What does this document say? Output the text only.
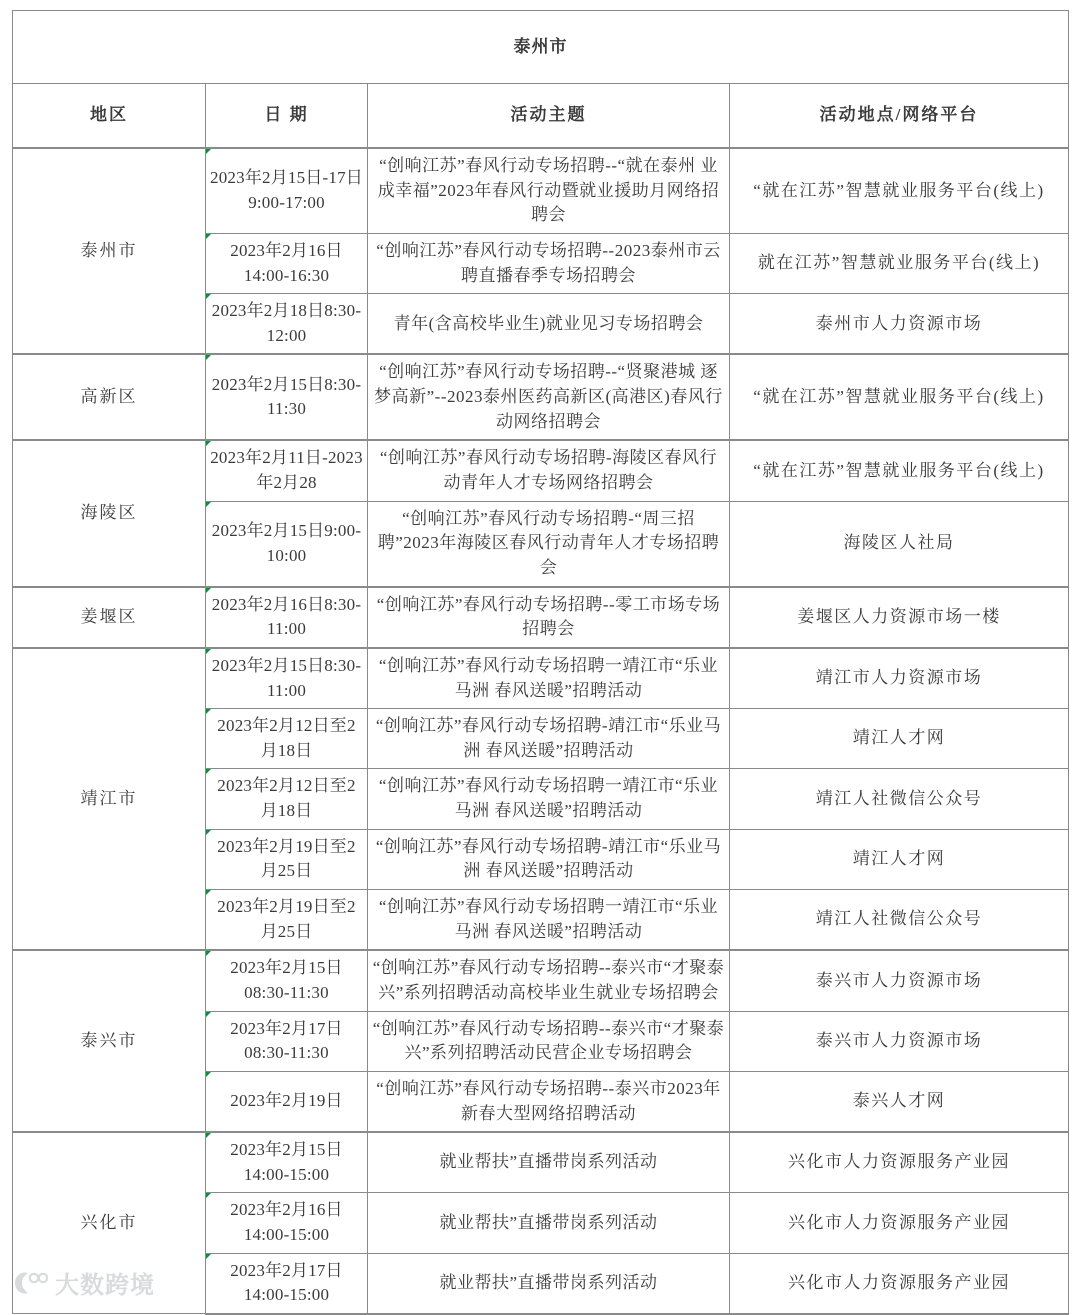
泰州市			
地区	日 期	活动主题	活动地点/网络平台
泰州市	2023年2月15日-17日9:00-17:00	“创响江苏”春风行动专场招聘--“就在泰州 业成幸福”2023年春风行动暨就业援助月网络招聘会	“就在江苏”智慧就业服务平台(线上)
	2023年2月16日14:00-16:30	“创响江苏”春风行动专场招聘--2023泰州市云聘直播春季专场招聘会	就在江苏”智慧就业服务平台(线上)
	2023年2月18日8:30-12:00	青年(含高校毕业生)就业见习专场招聘会	泰州市人力资源市场
高新区	2023年2月15日8:30-11:30	“创响江苏”春风行动专场招聘--“贤聚港城 逐梦高新”--2023泰州医药高新区(高港区)春风行动网络招聘会	“就在江苏”智慧就业服务平台(线上)
海陵区	2023年2月11日-2023年2月28	“创响江苏”春风行动专场招聘-海陵区春风行动青年人才专场网络招聘会	“就在江苏”智慧就业服务平台(线上)
	2023年2月15日9:00-10:00	“创响江苏”春风行动专场招聘-“周三招聘”2023年海陵区春风行动青年人才专场招聘会	海陵区人社局
姜堰区	2023年2月16日8:30-11:00	“创响江苏”春风行动专场招聘--零工市场专场招聘会	姜堰区人力资源市场一楼
靖江市	2023年2月15日8:30-11:00	“创响江苏”春风行动专场招聘一靖江市“乐业马洲 春风送暖”招聘活动	靖江市人力资源市场
	2023年2月12日至2月18日	“创响江苏”春风行动专场招聘-靖江市“乐业马洲 春风送暖”招聘活动	靖江人才网
	2023年2月12日至2月18日	“创响江苏”春风行动专场招聘一靖江市“乐业马洲 春风送暖”招聘活动	靖江人社微信公众号
	2023年2月19日至2月25日	“创响江苏”春风行动专场招聘-靖江市“乐业马洲 春风送暖”招聘活动	靖江人才网
	2023年2月19日至2月25日	“创响江苏”春风行动专场招聘一靖江市“乐业马洲 春风送暖”招聘活动	靖江人社微信公众号
泰兴市	2023年2月15日08:30-11:30	“创响江苏”春风行动专场招聘--泰兴市“才聚泰兴”系列招聘活动高校毕业生就业专场招聘会	泰兴市人力资源市场
	2023年2月17日08:30-11:30	“创响江苏”春风行动专场招聘--泰兴市“才聚泰兴”系列招聘活动民营企业专场招聘会	泰兴市人力资源市场
	2023年2月19日	“创响江苏”春风行动专场招聘--泰兴市2023年新春大型网络招聘活动	泰兴人才网
兴化市	2023年2月15日14:00-15:00	就业帮扶”直播带岗系列活动	兴化市人力资源服务产业园
	2023年2月16日14:00-15:00	就业帮扶”直播带岗系列活动	兴化市人力资源服务产业园
	2023年2月17日14:00-15:00	就业帮扶”直播带岗系列活动	兴化市人力资源服务产业园
大数跨境
